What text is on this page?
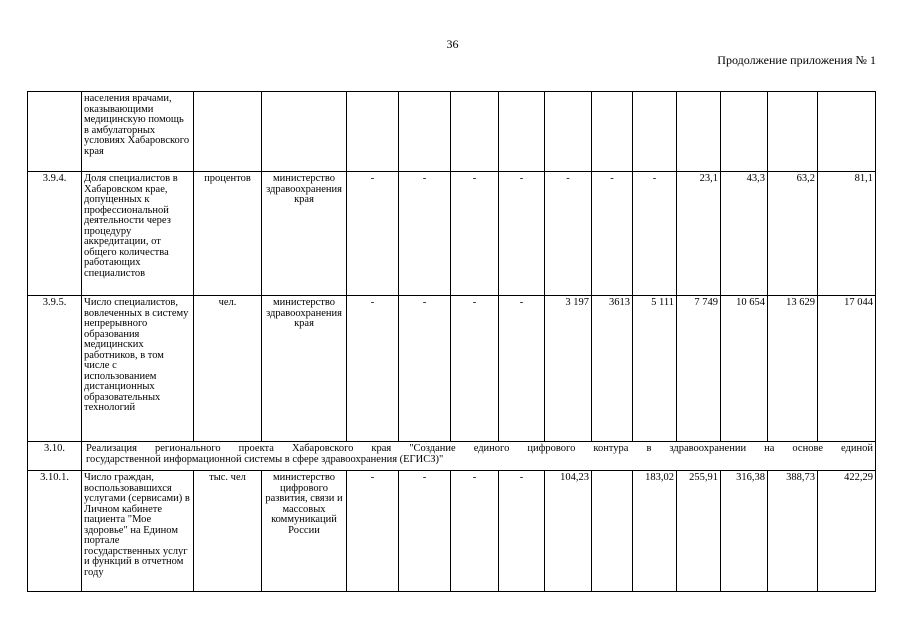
36
Продолжение приложения № 1
	населения врачами, оказывающими медицинскую помощь в амбулаторных условиях Хабаровского края													
3.9.4.	Доля специалистов в Хабаровском крае, допущенных к профессиональной деятельности через процедуру аккредитации, от общего количества работающих специалистов	процентов	министерство здравоохранения края	-	-	-	-	-	-	-	23,1	43,3	63,2	81,1
3.9.5.	Число специалистов, вовлеченных в систему непрерывного образования медицинских работников, в том числе с использованием дистанционных образовательных технологий	чел.	министерство здравоохранения края	-	-	-	-	3 197	3613	5 111	7 749	10 654	13 629	17 044
3.10.	Реализация регионального проекта Хабаровского края "Создание единого цифрового контура в здравоохранении на основе единой
государственной информационной системы в сфере здравоохранения (ЕГИСЗ)"													

3.10.1.	Число граждан, воспользовавшихся услугами (сервисами) в Личном кабинете пациента "Мое здоровье" на Едином портале государственных услуг и функций в отчетном году	тыс. чел	министерство цифрового развития, связи и массовых коммуникаций России	-	-	-	-	104,23		183,02	255,91	316,38	388,73	422,29
